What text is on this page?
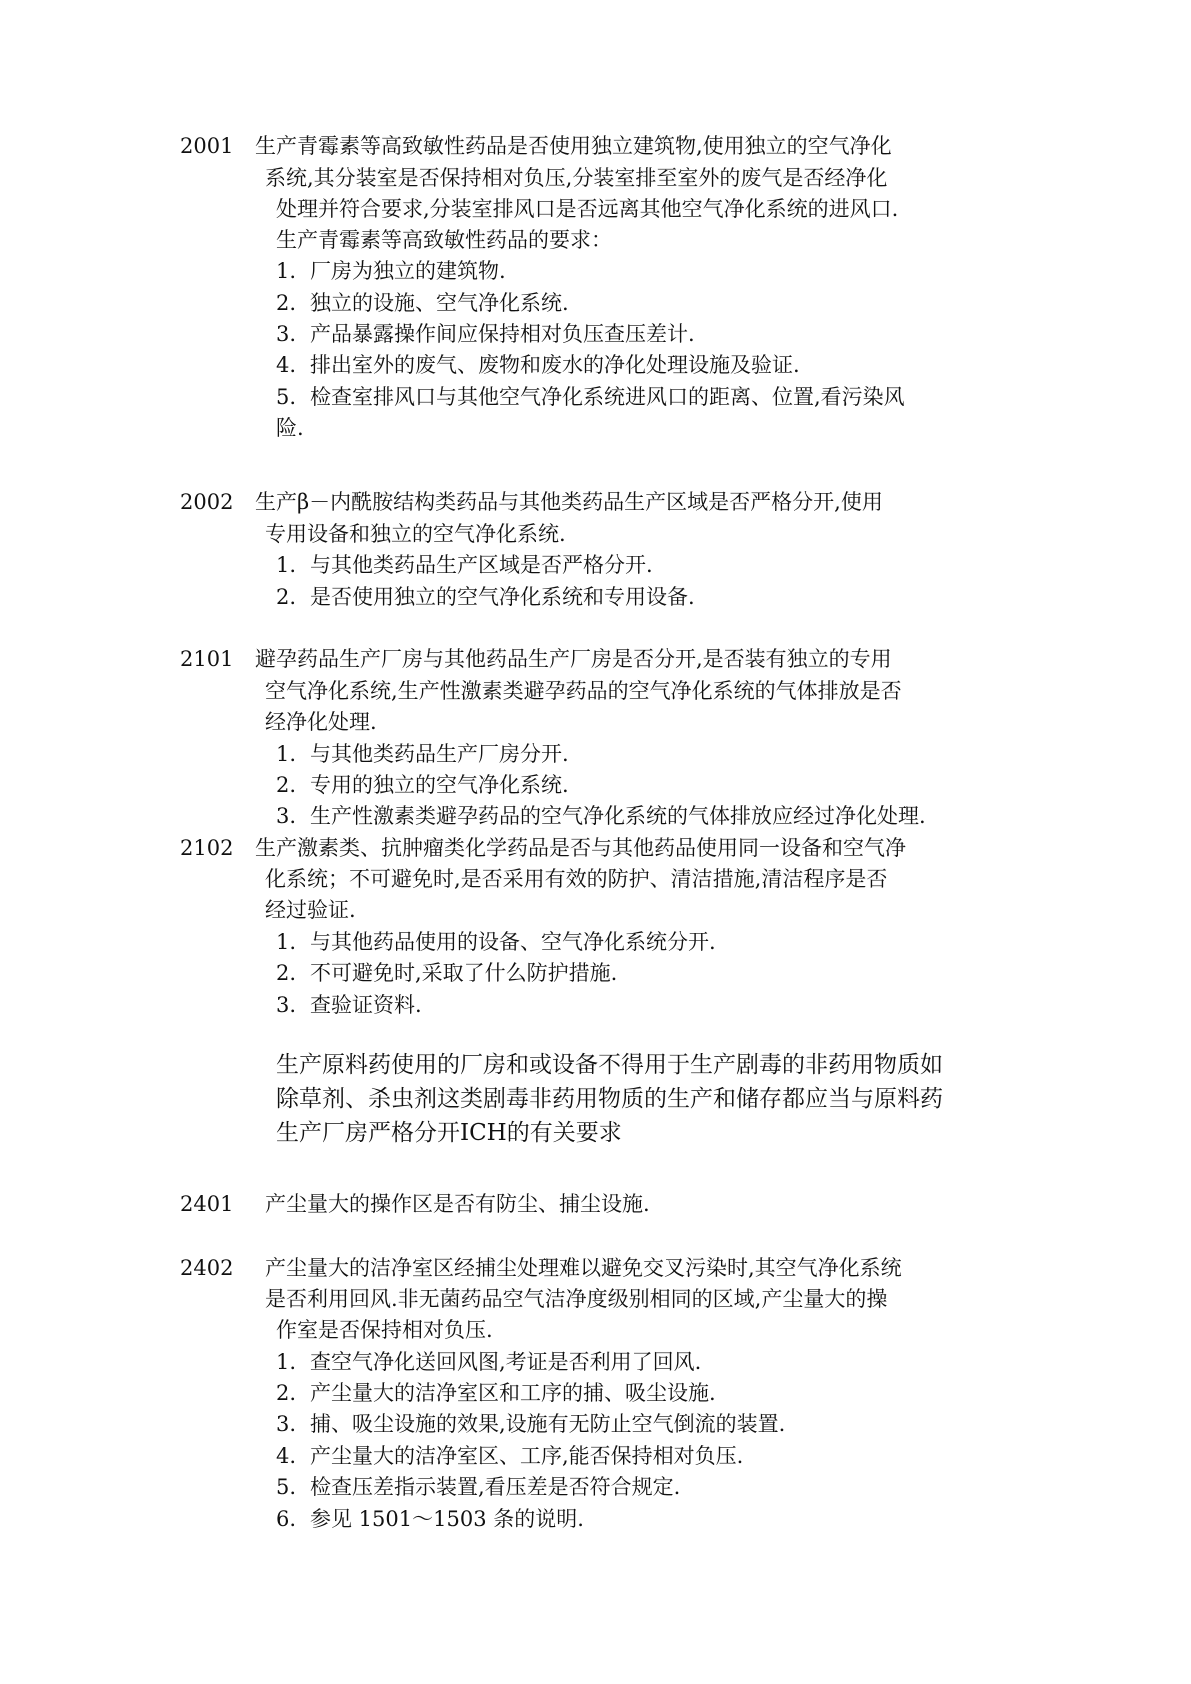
2001 生产青霉素等高致敏性药品是否使用独立建筑物,使用独立的空气净化
系统,其分装室是否保持相对负压,分装室排至室外的废气是否经净化
处理并符合要求,分装室排风口是否远离其他空气净化系统的进风口.
生产青霉素等高致敏性药品的要求：
1. 厂房为独立的建筑物.
2. 独立的设施、空气净化系统.
3. 产品暴露操作间应保持相对负压查压差计.
4. 排出室外的废气、废物和废水的净化处理设施及验证.
5. 检查室排风口与其他空气净化系统进风口的距离、位置,看污染风
险.
2002 生产β－内酰胺结构类药品与其他类药品生产区域是否严格分开,使用
专用设备和独立的空气净化系统.
1. 与其他类药品生产区域是否严格分开.
2. 是否使用独立的空气净化系统和专用设备.
2101 避孕药品生产厂房与其他药品生产厂房是否分开,是否装有独立的专用
空气净化系统,生产性激素类避孕药品的空气净化系统的气体排放是否
经净化处理.
1. 与其他类药品生产厂房分开.
2. 专用的独立的空气净化系统.
3. 生产性激素类避孕药品的空气净化系统的气体排放应经过净化处理.
2102 生产激素类、抗肿瘤类化学药品是否与其他药品使用同一设备和空气净
化系统；不可避免时,是否采用有效的防护、清洁措施,清洁程序是否
经过验证.
1. 与其他药品使用的设备、空气净化系统分开.
2. 不可避免时,采取了什么防护措施.
3. 查验证资料.
生产原料药使用的厂房和或设备不得用于生产剧毒的非药用物质如
除草剂、杀虫剂这类剧毒非药用物质的生产和储存都应当与原料药
生产厂房严格分开ICH的有关要求
2401 产尘量大的操作区是否有防尘、捕尘设施.
2402 产尘量大的洁净室区经捕尘处理难以避免交叉污染时,其空气净化系统
是否利用回风.非无菌药品空气洁净度级别相同的区域,产尘量大的操
作室是否保持相对负压.
1. 查空气净化送回风图,考证是否利用了回风.
2. 产尘量大的洁净室区和工序的捕、吸尘设施.
3. 捕、吸尘设施的效果,设施有无防止空气倒流的装置.
4. 产尘量大的洁净室区、工序,能否保持相对负压.
5. 检查压差指示装置,看压差是否符合规定.
6. 参见 1501～1503 条的说明.
